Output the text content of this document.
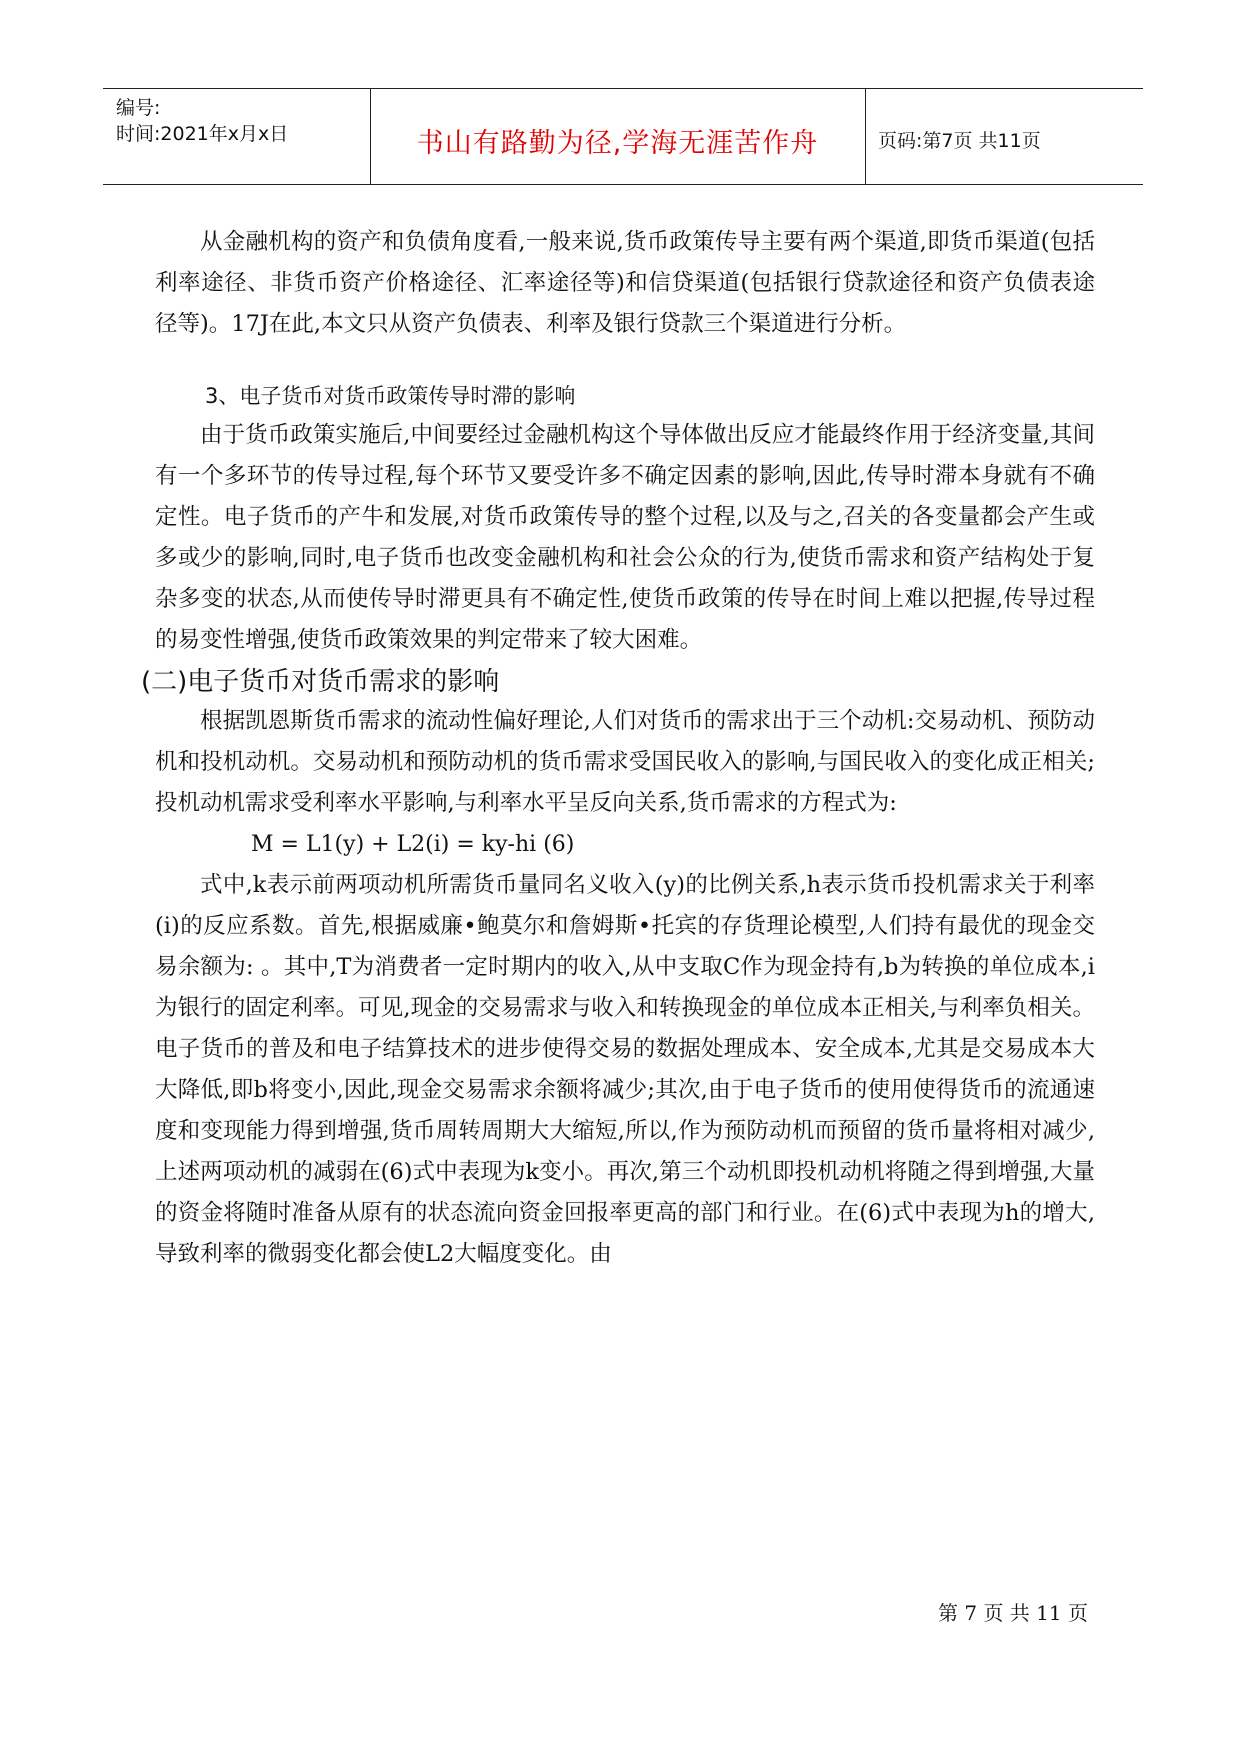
编号:
时间:2021年x月x日	书山有路勤为径,学海无涯苦作舟	页码:第7页 共11页

从金融机构的资产和负债角度看,一般来说,货币政策传导主要有两个渠道,即货币渠道(包括利率途径、非货币资产价格途径、汇率途径等)和信贷渠道(包括银行贷款途径和资产负债表途径等)。17J在此,本文只从资产负债表、利率及银行贷款三个渠道进行分析。

3、电子货币对货币政策传导时滞的影响

由于货币政策实施后,中间要经过金融机构这个导体做出反应才能最终作用于经济变量,其间有一个多环节的传导过程,每个环节又要受许多不确定因素的影响,因此,传导时滞本身就有不确定性。电子货币的产牛和发展,对货币政策传导的整个过程,以及与之,召关的各变量都会产生或多或少的影响,同时,电子货币也改变金融机构和社会公众的行为,使货币需求和资产结构处于复杂多变的状态,从而使传导时滞更具有不确定性,使货币政策的传导在时间上难以把握,传导过程的易变性增强,使货币政策效果的判定带来了较大困难。

(二)电子货币对货币需求的影响

根据凯恩斯货币需求的流动性偏好理论,人们对货币的需求出于三个动机:交易动机、预防动机和投机动机。交易动机和预防动机的货币需求受国民收入的影响,与国民收入的变化成正相关;投机动机需求受利率水平影响,与利率水平呈反向关系,货币需求的方程式为:

M = L1(y) + L2(i) = ky-hi (6)

式中,k表示前两项动机所需货币量同名义收入(y)的比例关系,h表示货币投机需求关于利率(i)的反应系数。首先,根据威廉•鲍莫尔和詹姆斯•托宾的存货理论模型,人们持有最优的现金交易余额为: 。其中,T为消费者一定时期内的收入,从中支取C作为现金持有,b为转换的单位成本,i为银行的固定利率。可见,现金的交易需求与收入和转换现金的单位成本正相关,与利率负相关。电子货币的普及和电子结算技术的进步使得交易的数据处理成本、安全成本,尤其是交易成本大大降低,即b将变小,因此,现金交易需求余额将减少;其次,由于电子货币的使用使得货币的流通速度和变现能力得到增强,货币周转周期大大缩短,所以,作为预防动机而预留的货币量将相对减少,上述两项动机的减弱在(6)式中表现为k变小。再次,第三个动机即投机动机将随之得到增强,大量的资金将随时准备从原有的状态流向资金回报率更高的部门和行业。在(6)式中表现为h的增大,导致利率的微弱变化都会使L2大幅度变化。由

第 7 页 共 11 页
